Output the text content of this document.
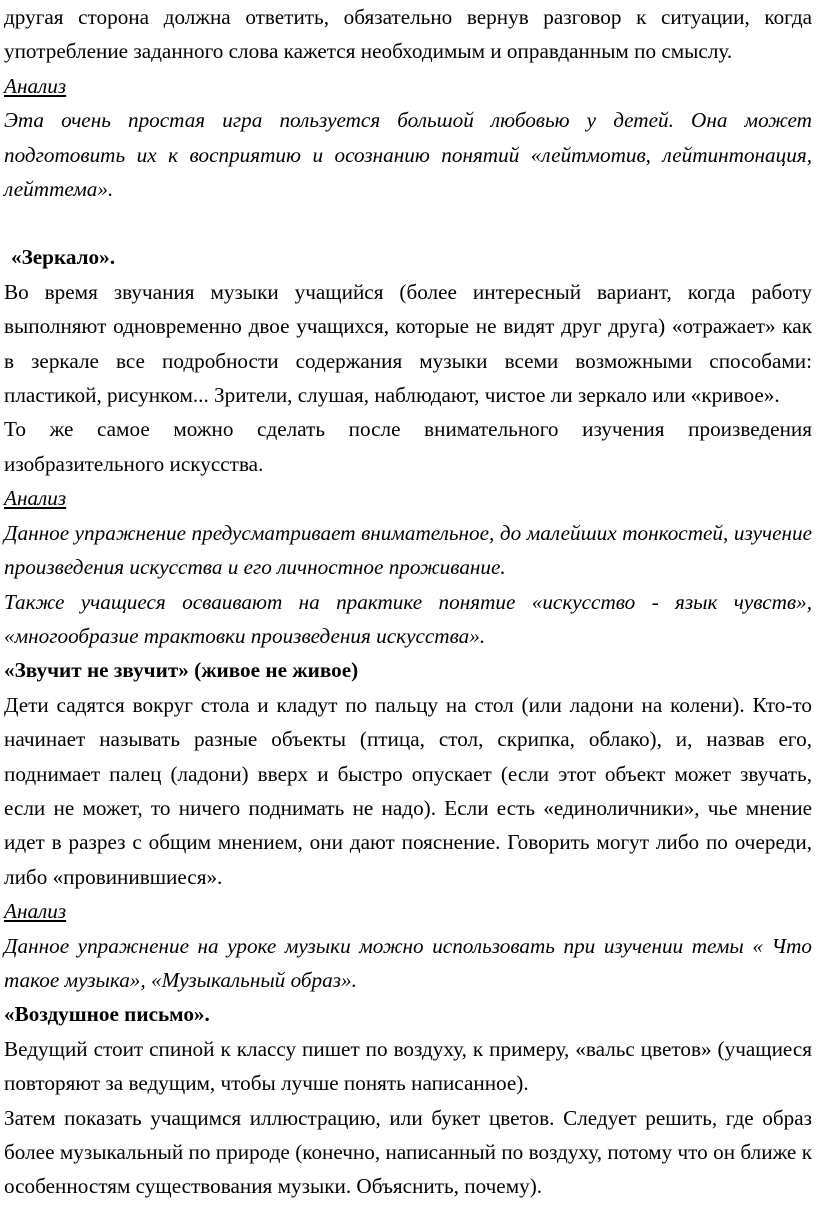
другая сторона должна ответить, обязательно вернув разговор к ситуации, когда употребление заданного слова кажется необходимым и оправданным по смыслу.

Анализ

Эта очень простая игра пользуется большой любовью у детей. Она может подготовить их к восприятию и осознанию понятий «лейтмотив, лейтинтонация, лейттема».

«Зеркало».

Во время звучания музыки учащийся (более интересный вариант, когда работу выполняют одновременно двое учащихся, которые не видят друг друга) «отражает» как в зеркале все подробности содержания музыки всеми возможными способами: пластикой, рисунком... Зрители, слушая, наблюдают, чистое ли зеркало или «кривое».

То же самое можно сделать после внимательного изучения произведения изобразительного искусства.

Анализ

Данное упражнение предусматривает внимательное, до малейших тонкостей, изучение произведения искусства и его личностное проживание.

Также учащиеся осваивают на практике понятие «искусство - язык чувств», «многообразие трактовки произведения искусства».

«Звучит не звучит» (живое не живое)

Дети садятся вокруг стола и кладут по пальцу на стол (или ладони на колени). Кто-то начинает называть разные объекты (птица, стол, скрипка, облако), и, назвав его, поднимает палец (ладони) вверх и быстро опускает (если этот объект может звучать, если не может, то ничего поднимать не надо). Если есть «единоличники», чье мнение идет в разрез с общим мнением, они дают пояснение. Говорить могут либо по очереди, либо «провинившиеся».

Анализ

Данное упражнение на уроке музыки можно использовать при изучении темы « Что такое музыка», «Музыкальный образ».

«Воздушное письмо».

Ведущий стоит спиной к классу пишет по воздуху, к примеру, «вальс цветов» (учащиеся повторяют за ведущим, чтобы лучше понять написанное).

Затем показать учащимся иллюстрацию, или букет цветов. Следует решить, где образ более музыкальный по природе (конечно, написанный по воздуху, потому что он ближе к особенностям существования музыки. Объяснить, почему).
